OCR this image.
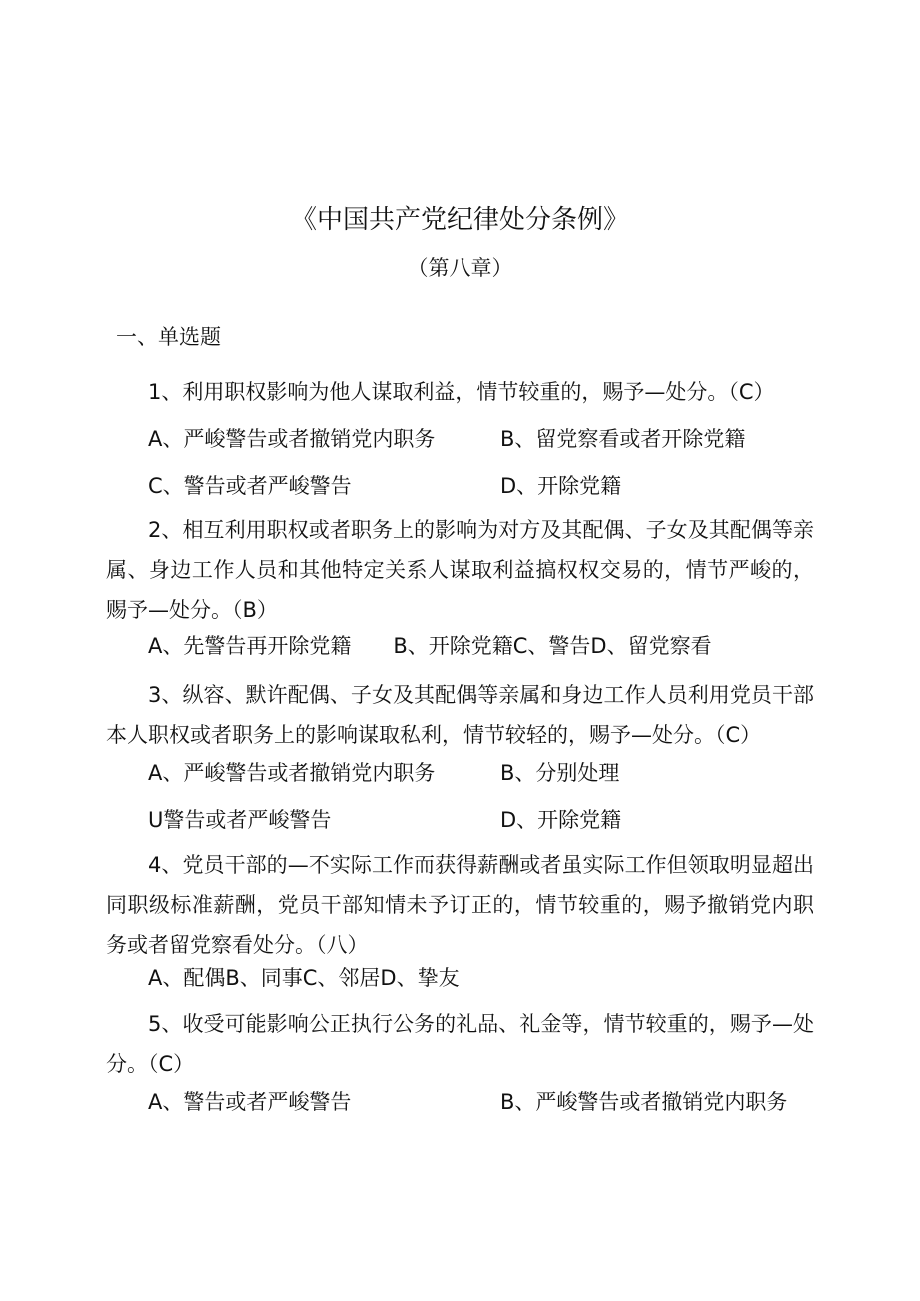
《中国共产党纪律处分条例》
（第八章）
一、单选题
1、利用职权影响为他人谋取利益，情节较重的，赐予—处分。（C）
A、严峻警告或者撤销党内职务	B、留党察看或者开除党籍
C、警告或者严峻警告	D、开除党籍
2、相互利用职权或者职务上的影响为对方及其配偶、子女及其配偶等亲属、身边工作人员和其他特定关系人谋取利益搞权权交易的，情节严峻的，赐予—处分。（B）
A、先警告再开除党籍　　B、开除党籍C、警告D、留党察看
3、纵容、默许配偶、子女及其配偶等亲属和身边工作人员利用党员干部本人职权或者职务上的影响谋取私利，情节较轻的，赐予—处分。（C）
A、严峻警告或者撤销党内职务	B、分别处理
U警告或者严峻警告	D、开除党籍
4、党员干部的—不实际工作而获得薪酬或者虽实际工作但领取明显超出同职级标准薪酬，党员干部知情未予订正的，情节较重的，赐予撤销党内职务或者留党察看处分。（八）
A、配偶B、同事C、邻居D、挚友
5、收受可能影响公正执行公务的礼品、礼金等，情节较重的，赐予—处分。（C）
A、警告或者严峻警告	B、严峻警告或者撤销党内职务
